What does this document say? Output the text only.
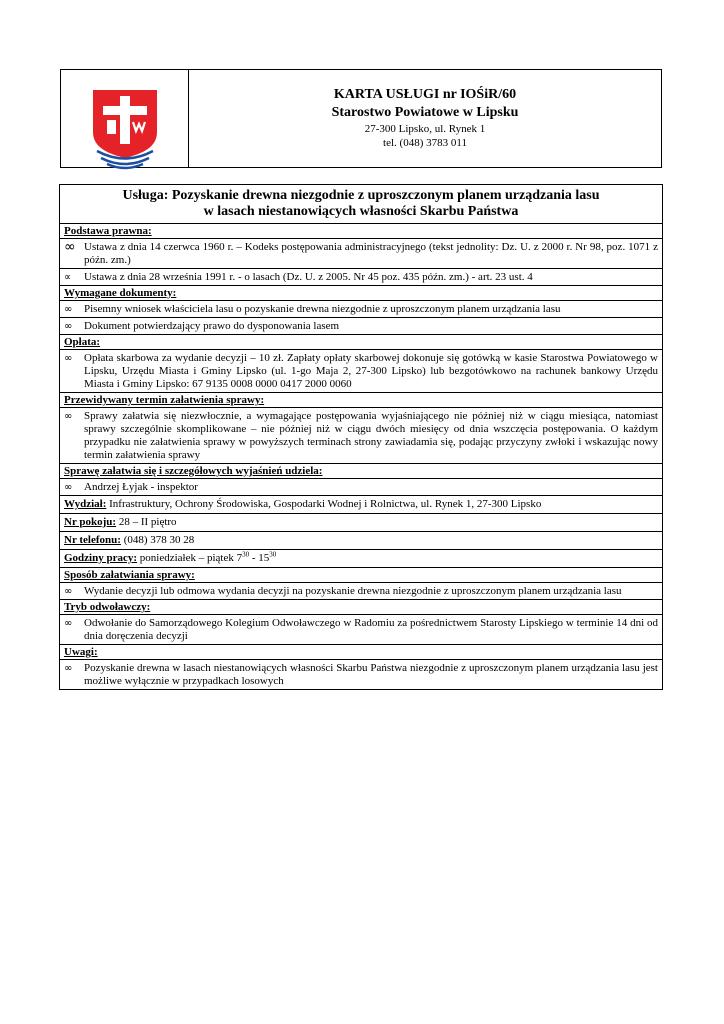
KARTA USŁUGI nr IOŚiR/60
Starostwo Powiatowe w Lipsku
27-300 Lipsko, ul. Rynek 1
tel. (048) 3783 011
Usługa: Pozyskanie drewna niezgodnie z uproszczonym planem urządzania lasu
w lasach niestanowiących własności Skarbu Państwa
Podstawa prawna:
∞ Ustawa z dnia 14 czerwca 1960 r. – Kodeks postępowania administracyjnego (tekst jednolity: Dz. U. z 2000 r. Nr 98, poz. 1071 z późn. zm.)
∝	Ustawa z dnia 28 września 1991 r. - o lasach (Dz. U. z 2005. Nr 45 poz. 435 późn. zm.) - art. 23 ust. 4
Wymagane dokumenty:
∞	Pisemny wniosek właściciela lasu o pozyskanie drewna niezgodnie z uproszczonym planem urządzania lasu
∞	Dokument potwierdzający prawo do dysponowania lasem
Opłata:
∞	Opłata skarbowa za wydanie decyzji – 10 zł. Zapłaty opłaty skarbowej dokonuje się gotówką w kasie Starostwa Powiatowego w Lipsku, Urzędu Miasta i Gminy Lipsko (ul. 1-go Maja 2, 27-300 Lipsko) lub bezgotówkowo na rachunek bankowy Urzędu Miasta i Gminy Lipsko: 67 9135 0008 0000 0417 2000 0060
Przewidywany termin załatwienia sprawy:
∞	Sprawy załatwia się niezwłocznie, a wymagające postępowania wyjaśniającego nie później niż w ciągu miesiąca, natomiast sprawy szczególnie skomplikowane – nie później niż w ciągu dwóch miesięcy od dnia wszczęcia postępowania. O każdym przypadku nie załatwienia sprawy w powyższych terminach strony zawiadamia się, podając przyczyny zwłoki i wskazując nowy termin załatwienia sprawy
Sprawę załatwia się i szczegółowych wyjaśnień udziela:
∞	Andrzej Łyjak - inspektor
Wydział: Infrastruktury, Ochrony Środowiska, Gospodarki Wodnej i Rolnictwa, ul. Rynek 1, 27-300 Lipsko
Nr pokoju: 28 – II piętro
Nr telefonu: (048) 378 30 28
Godziny pracy: poniedziałek – piątek $7^{30} - 15^{30}$
Sposób załatwiania sprawy:
∞	Wydanie decyzji lub odmowa wydania decyzji na pozyskanie drewna niezgodnie z uproszczonym planem urządzania lasu
Tryb odwoławczy:
∞	Odwołanie do Samorządowego Kolegium Odwoławczego w Radomiu za pośrednictwem Starosty Lipskiego w terminie 14 dni od dnia doręczenia decyzji
Uwagi:
∞	Pozyskanie drewna w lasach niestanowiących własności Skarbu Państwa niezgodnie z uproszczonym planem urządzania lasu jest możliwe wyłącznie w przypadkach losowych
